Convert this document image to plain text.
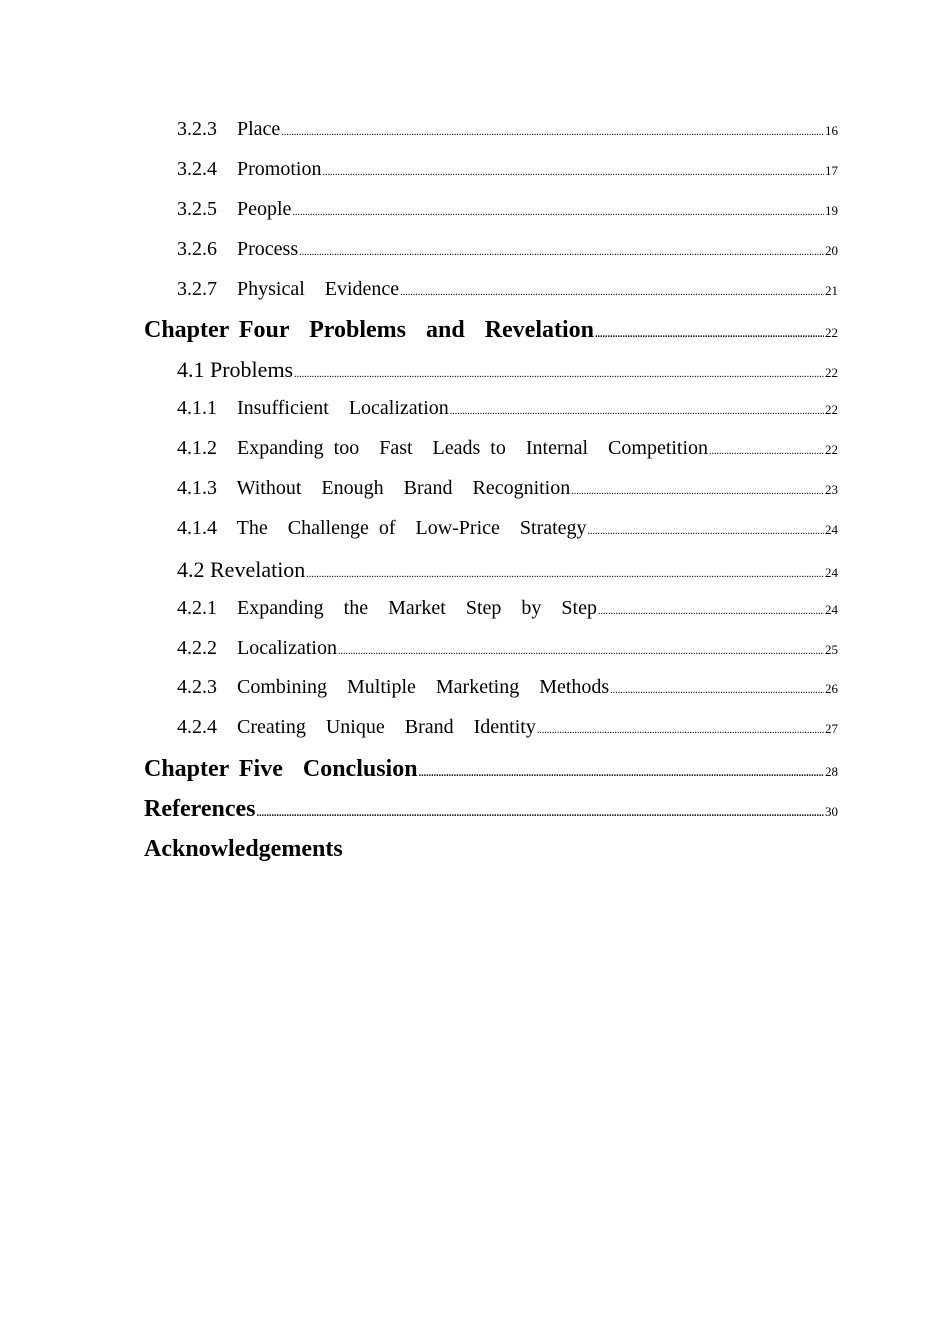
3.2.3  Place .....	16
3.2.4  Promotion .....	17
3.2.5  People .....	19
3.2.6  Process .....	20
3.2.7  Physical  Evidence .....	21
Chapter Four  Problems  and  Revelation .....	22
4.1 Problems .....	22
4.1.1  Insufficient  Localization .....	22
4.1.2  Expanding too  Fast  Leads to  Internal  Competition .....	22
4.1.3  Without  Enough  Brand  Recognition .....	23
4.1.4  The  Challenge of  Low-Price  Strategy .....	24
4.2 Revelation .....	24
4.2.1  Expanding  the  Market  Step  by  Step .....	24
4.2.2  Localization .....	25
4.2.3  Combining  Multiple  Marketing  Methods .....	26
4.2.4  Creating  Unique  Brand  Identity .....	27
Chapter Five  Conclusion .....	28
References .....	30
Acknowledgements
